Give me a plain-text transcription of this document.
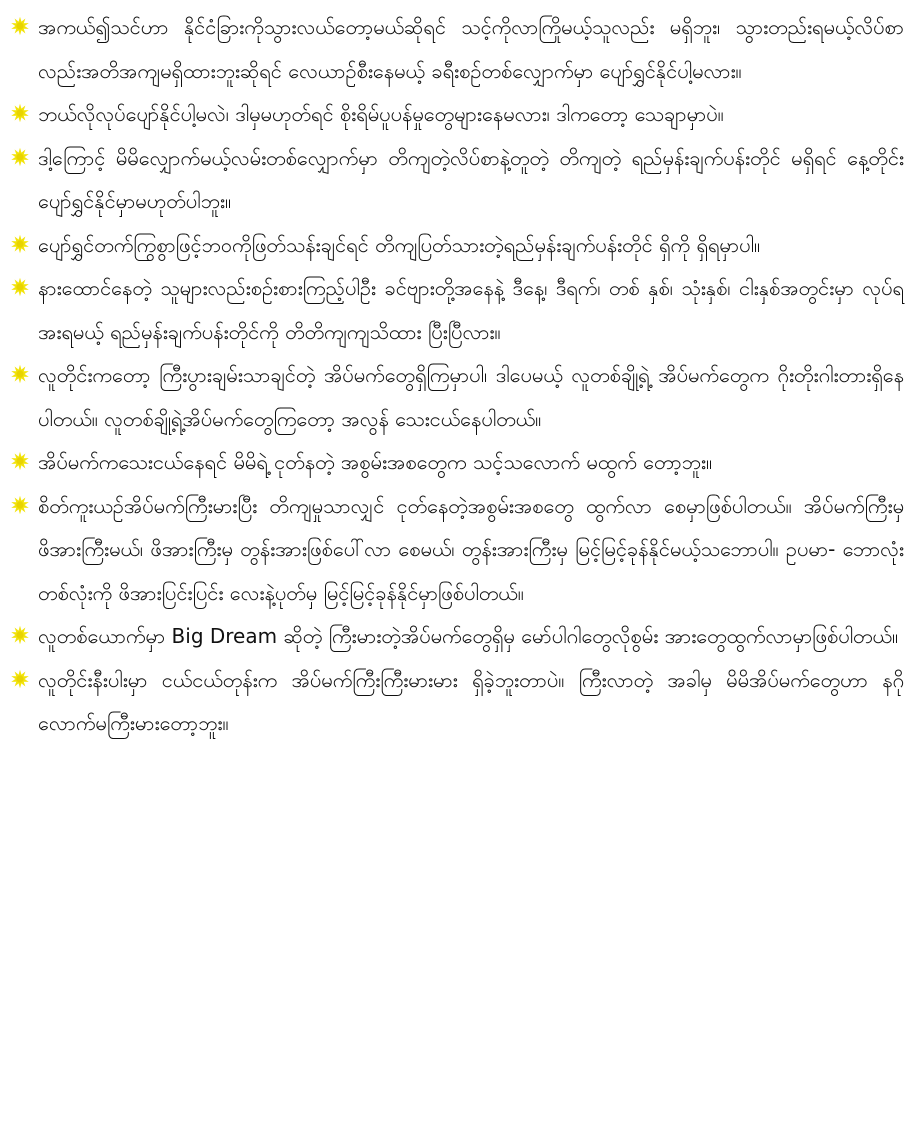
အကယ်၍သင်ဟာ နိုင်ငံခြားကိုသွားလယ်တော့မယ်ဆိုရင် သင့်ကိုလာကြိုမယ့်သူလည်း မရှိဘူး၊ သွားတည်းရမယ့်လိပ်စာလည်းအတိအကျမရှိထားဘူးဆိုရင် လေယာဉ်စီးနေမယ့် ခရီးစဉ်တစ်လျှောက်မှာ ပျော်ရွှင်နိုင်ပါ့မလား။
ဘယ်လိုလုပ်ပျော်နိုင်ပါ့မလဲ၊ ဒါမှမဟုတ်ရင် စိုးရိမ်ပူပန်မှုတွေများနေမလား၊ ဒါကတော့ သေချာမှာပဲ။
ဒါ့ကြောင့် မိမိလျှောက်မယ့်လမ်းတစ်လျှောက်မှာ တိကျတဲ့လိပ်စာနဲ့တူတဲ့ တိကျတဲ့ ရည်မှန်းချက်ပန်းတိုင် မရှိရင် နေ့တိုင်းပျော်ရွှင်နိုင်မှာမဟုတ်ပါဘူး။
ပျော်ရွှင်တက်ကြွစွာဖြင့်ဘဝကိုဖြတ်သန်းချင်ရင် တိကျပြတ်သားတဲ့ရည်မှန်းချက်ပန်းတိုင် ရှိကို ရှိရမှာပါ။
နားထောင်နေတဲ့ သူများလည်းစဉ်းစားကြည့်ပါဦး ခင်ဗျားတို့အနေနဲ့ ဒီနေ့၊ ဒီရက်၊ တစ် နှစ်၊ သုံးနှစ်၊ ငါးနှစ်အတွင်းမှာ လုပ်ရအးရမယ့် ရည်မှန်းချက်ပန်းတိုင်ကို တိတိကျကျသိထား ပြီးပြီလား။
လူတိုင်းကတော့ ကြီးပွားချမ်းသာချင်တဲ့ အိပ်မက်တွေရှိကြမှာပါ၊ ဒါပေမယ့် လူတစ်ချို့ရဲ့ အိပ်မက်တွေက ဂိုးတိုးဂါးတားရှိနေပါတယ်။ လူတစ်ချို့ရဲ့အိပ်မက်တွေကြတော့ အလွန် သေးငယ်နေပါတယ်။
အိပ်မက်ကသေးငယ်နေရင် မိမိရဲ့ ငုတ်နတဲ့ အစွမ်းအစတွေက သင့်သလောက် မထွက် တော့ဘူး။
စိတ်ကူးယဉ်အိပ်မက်ကြီးမားပြီး တိကျမှုသာလျှင် ငုတ်နေတဲ့အစွမ်းအစတွေ ထွက်လာ စေမှာဖြစ်ပါတယ်။ အိပ်မက်ကြီးမှ ဖိအားကြီးမယ်၊ ဖိအားကြီးမှ တွန်းအားဖြစ်ပေါ်လာ စေမယ်၊ တွန်းအားကြီးမှ မြင့်မြင့်ခုန်နိုင်မယ့်သဘောပါ။ ဥပမာ- ဘောလုံးတစ်လုံးကို ဖိအားပြင်းပြင်း လေးနဲ့ပုတ်မှ မြင့်မြင့်ခုန်နိုင်မှာဖြစ်ပါတယ်။
လူတစ်ယောက်မှာ Big Dream ဆိုတဲ့ ကြီးမားတဲ့အိပ်မက်တွေရှိမှ မော်ပါဂါတွေလိုစွမ်း အားတွေထွက်လာမှာဖြစ်ပါတယ်။
လူတိုင်းနီးပါးမှာ ငယ်ငယ်တုန်းက အိပ်မက်ကြီးကြီးမားမား ရှိခဲ့ဘူးတာပဲ။ ကြီးလာတဲ့ အခါမှ မိမိအိပ်မက်တွေဟာ နဂိုလောက်မကြီးမားတော့ဘူး။
